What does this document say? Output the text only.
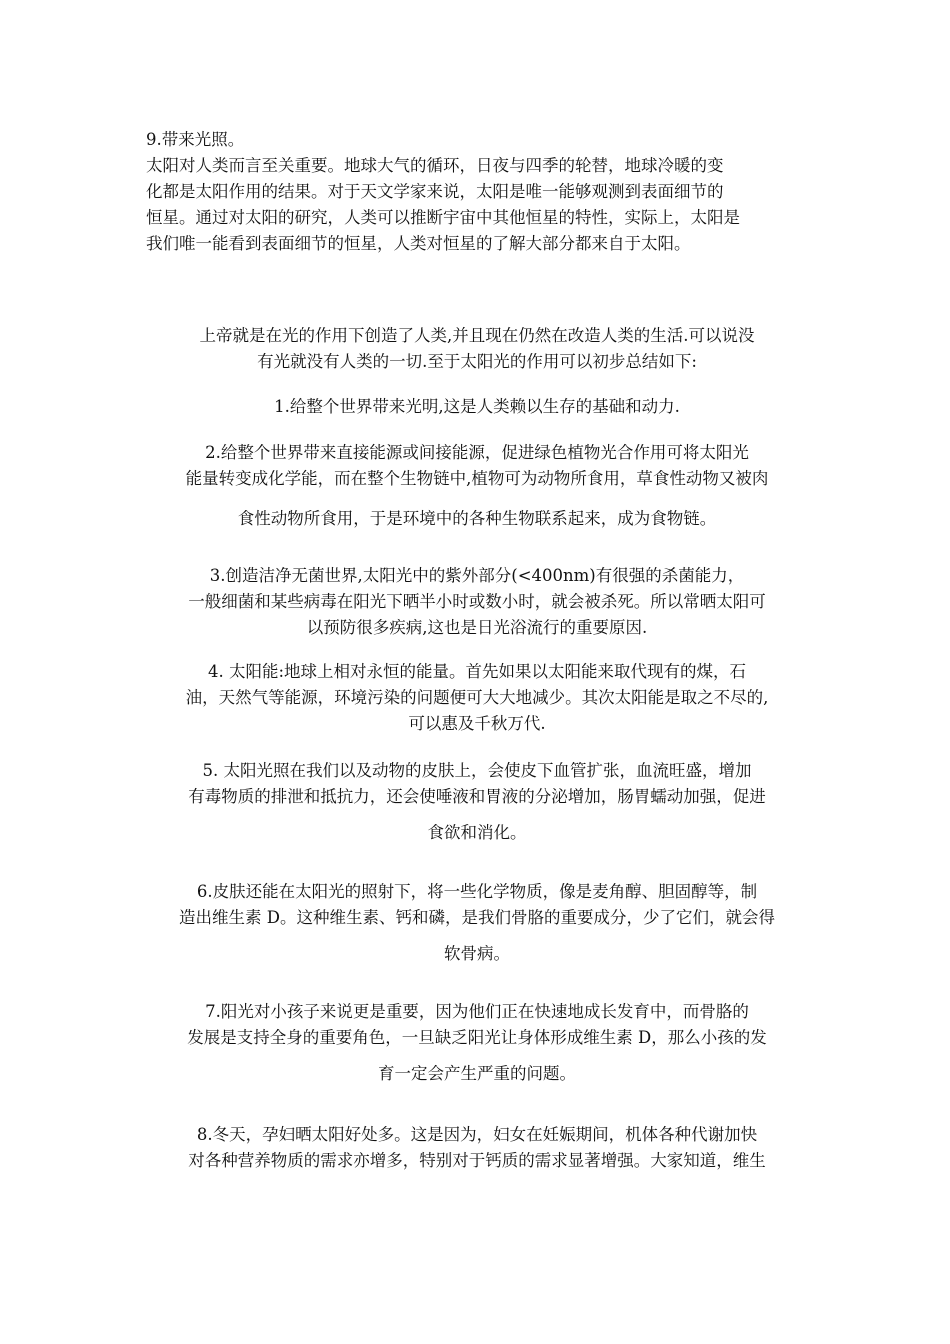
9.带来光照。
太阳对人类而言至关重要。地球大气的循环，日夜与四季的轮替，地球冷暖的变
化都是太阳作用的结果。对于天文学家来说，太阳是唯一能够观测到表面细节的
恒星。通过对太阳的研究，人类可以推断宇宙中其他恒星的特性，实际上，太阳是
我们唯一能看到表面细节的恒星，人类对恒星的了解大部分都来自于太阳。
上帝就是在光的作用下创造了人类,并且现在仍然在改造人类的生活.可以说没
有光就没有人类的一切.至于太阳光的作用可以初步总结如下:
1.给整个世界带来光明,这是人类赖以生存的基础和动力.
2.给整个世界带来直接能源或间接能源，促进绿色植物光合作用可将太阳光
能量转变成化学能，而在整个生物链中,植物可为动物所食用，草食性动物又被肉
食性动物所食用，于是环境中的各种生物联系起来，成为食物链。
3.创造洁净无菌世界,太阳光中的紫外部分(<400nm)有很强的杀菌能力，
一般细菌和某些病毒在阳光下晒半小时或数小时，就会被杀死。所以常晒太阳可
以预防很多疾病,这也是日光浴流行的重要原因.
4. 太阳能:地球上相对永恒的能量。首先如果以太阳能来取代现有的煤，石
油，天然气等能源，环境污染的问题便可大大地减少。其次太阳能是取之不尽的,
可以惠及千秋万代.
5. 太阳光照在我们以及动物的皮肤上，会使皮下血管扩张，血流旺盛，增加
有毒物质的排泄和抵抗力，还会使唾液和胃液的分泌增加，肠胃蠕动加强，促进
食欲和消化。
6.皮肤还能在太阳光的照射下，将一些化学物质，像是麦角醇、胆固醇等，制
造出维生素 D。这种维生素、钙和磷，是我们骨胳的重要成分，少了它们，就会得
软骨病。
7.阳光对小孩子来说更是重要，因为他们正在快速地成长发育中，而骨胳的
发展是支持全身的重要角色，一旦缺乏阳光让身体形成维生素 D，那么小孩的发
育一定会产生严重的问题。
8.冬天，孕妇晒太阳好处多。这是因为，妇女在妊娠期间，机体各种代谢加快
对各种营养物质的需求亦增多，特别对于钙质的需求显著增强。大家知道，维生
